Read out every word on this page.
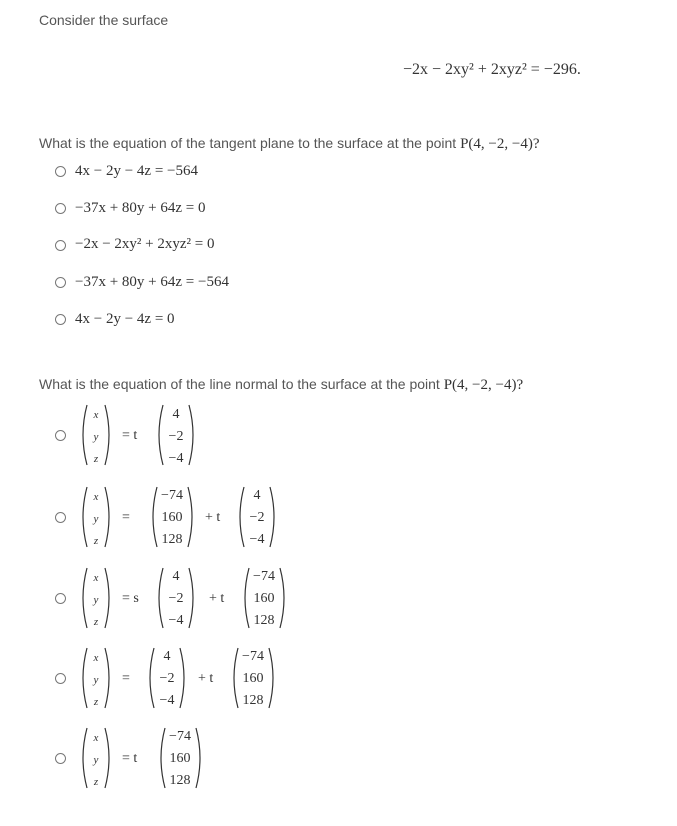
Consider the surface
−2x − 2xy² + 2xyz² = −296.
What is the equation of the tangent plane to the surface at the point P(4, −2, −4)?
4x − 2y − 4z = −564
−37x + 80y + 64z = 0
−2x − 2xy² + 2xyz² = 0
−37x + 80y + 64z = −564
4x − 2y − 4z = 0
What is the equation of the line normal to the surface at the point P(4, −2, −4)?
x
y
z
= t
4
−2
−4
x
y
z
=
−74
160
128
+ t
4
−2
−4
x
y
z
= s
4
−2
−4
+ t
−74
160
128
x
y
z
=
4
−2
−4
+ t
−74
160
128
x
y
z
= t
−74
160
128
